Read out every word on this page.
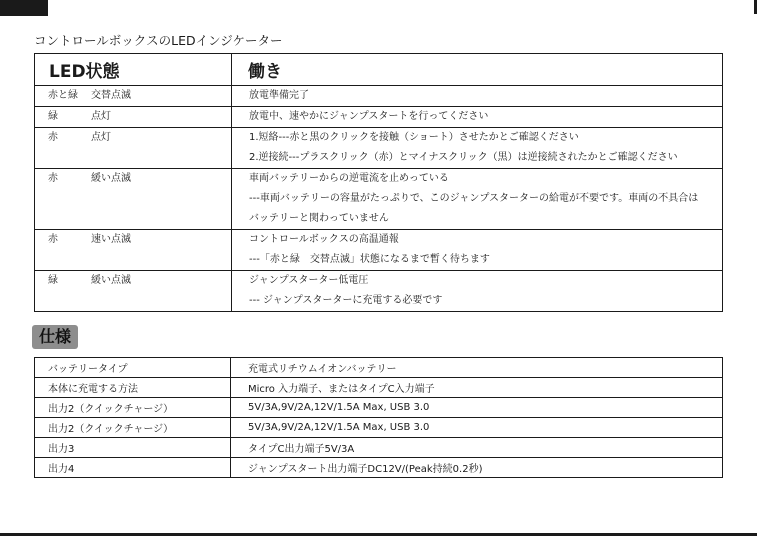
コントロールボックスのLEDインジケーター
LED状態	働き

赤と緑 交替点滅	放電準備完了

緑 点灯	放電中、速やかにジャンプスタートを行ってください

赤 点灯	1.短絡---赤と黒のクリックを接触（ショート）させたかとご確認ください
2.逆接続---プラスクリック（赤）とマイナスクリック（黒）は逆接続されたかとご確認ください

赤 緩い点滅	車両バッテリーからの逆電流を止めっている
---車両バッテリーの容量がたっぷりで、このジャンプスターターの給電が不要です。車両の不具合は
バッテリーと関わっていません

赤 速い点滅	コントロールボックスの高温通報
---「赤と緑　交替点滅」状態になるまで暫く待ちます

緑 緩い点滅	ジャンプスターター低電圧
--- ジャンプスターターに充電する必要です
仕様
バッテリータイプ	充電式リチウムイオンバッテリー
本体に充電する方法	Micro 入力端子、またはタイプC入力端子
出力2（クイックチャージ）	5V/3A,9V/2A,12V/1.5A Max, USB 3.0
出力2（クイックチャージ）	5V/3A,9V/2A,12V/1.5A Max, USB 3.0
出力3	タイプC出力端子5V/3A
出力4	ジャンプスタート出力端子DC12V/(Peak持続0.2秒)
